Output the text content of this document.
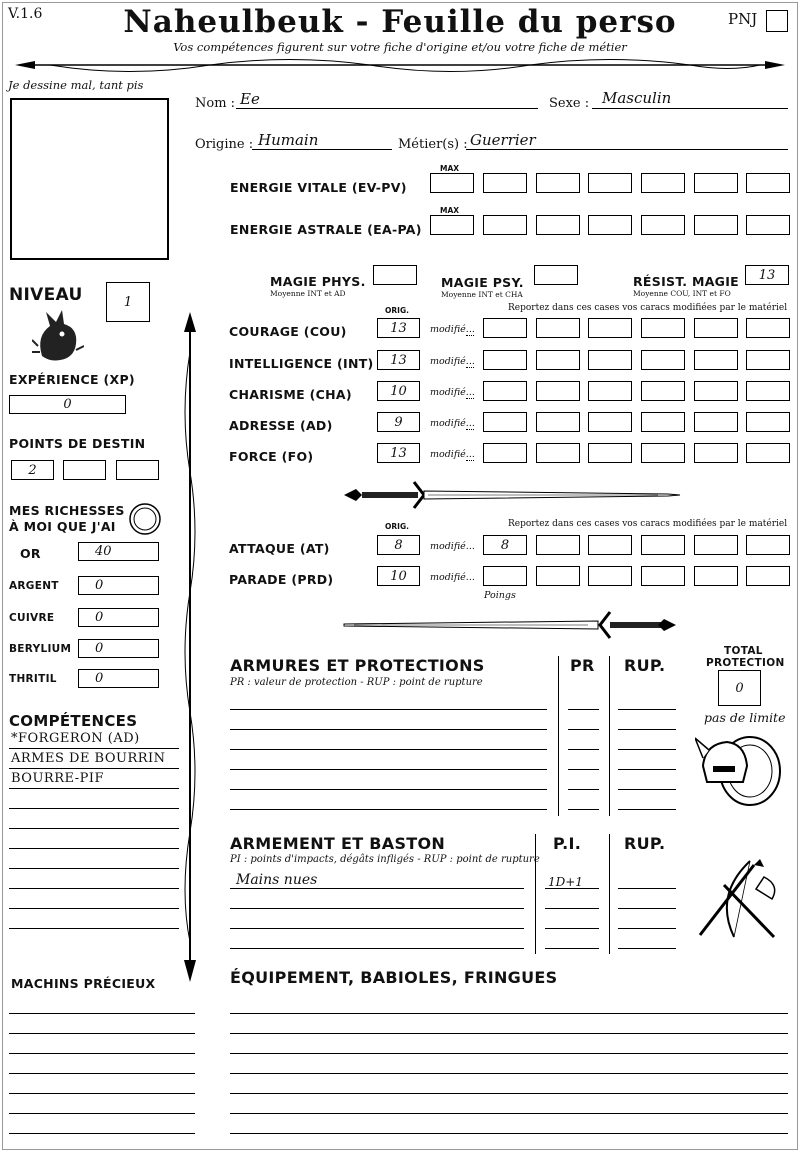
V.1.6	Naheulbeuk - Feuille du perso
Vos compétences figurent sur votre fiche d'origine et/ou votre fiche de métier
PNJ
Je dessine mal, tant pis
Nom : Ee	Sexe : Masculin
Origine : Humain	Métier(s) : Guerrier
MAX
ENERGIE VITALE (EV-PV)
MAX
ENERGIE ASTRALE (EA-PA)
MAGIE PHYS.
Moyenne INT et AD
MAGIE PSY.
Moyenne INT et CHA
RÉSIST. MAGIE
Moyenne COU, INT et FO
13
NIVEAU	1
EXPÉRIENCE (XP)
0
POINTS DE DESTIN
2
MES RICHESSES
À MOI QUE J'AI
ORIG.	Reportez dans ces cases vos caracs modifiées par le matériel
ORIG.	Reportez dans ces cases vos caracs modifiées par le matériel
Poings
COMPÉTENCES
MACHINS PRÉCIEUX
ARMURES ET PROTECTIONS
PR : valeur de protection - RUP : point de rupture
PR RUP.
TOTAL
PROTECTION
0
pas de limite
ARMEMENT ET BASTON
PI : points d'impacts, dégâts infligés - RUP : point de rupture
P.I.	RUP.
Mains nues	1D+1
ÉQUIPEMENT, BABIOLES, FRINGUES
COURAGE (COU)	13	modifié...
INTELLIGENCE (INT)	13	modifié...
CHARISME (CHA)	10	modifié...
ADRESSE (AD)	9	modifié...
FORCE (FO)	13	modifié...
ATTAQUE (AT)	8	modifié...	8
PARADE (PRD)	10	modifié...
OR	40
ARGENT	0
CUIVRE	0
BERYLIUM	0
THRITIL	0
*FORGERON (AD)
ARMES DE BOURRIN
BOURRE-PIF
